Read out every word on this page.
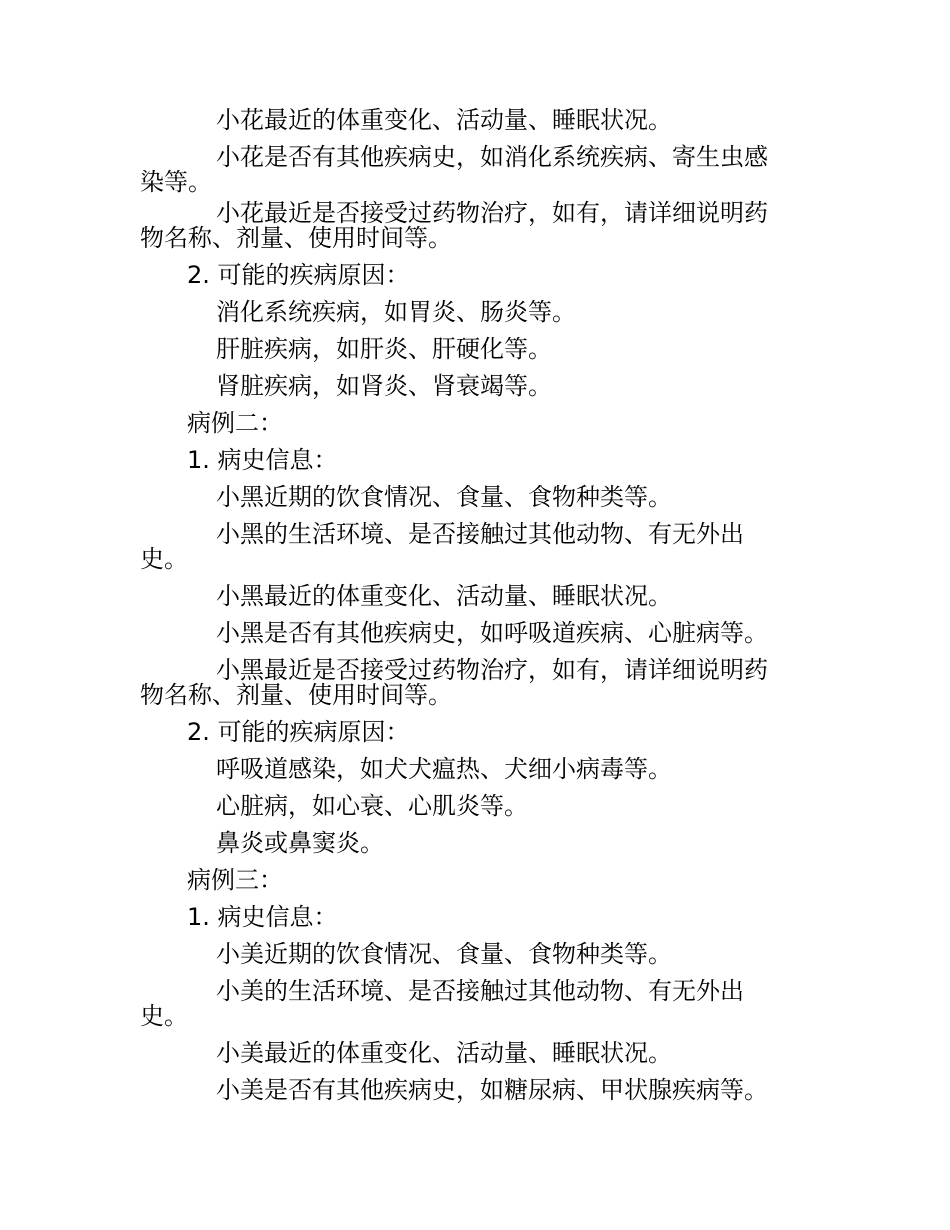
小花最近的体重变化、活动量、睡眠状况。
小花是否有其他疾病史，如消化系统疾病、寄生虫感染等。
小花最近是否接受过药物治疗，如有，请详细说明药物名称、剂量、使用时间等。
2. 可能的疾病原因：
消化系统疾病，如胃炎、肠炎等。
肝脏疾病，如肝炎、肝硬化等。
肾脏疾病，如肾炎、肾衰竭等。
病例二：
1. 病史信息：
小黑近期的饮食情况、食量、食物种类等。
小黑的生活环境、是否接触过其他动物、有无外出史。
小黑最近的体重变化、活动量、睡眠状况。
小黑是否有其他疾病史，如呼吸道疾病、心脏病等。
小黑最近是否接受过药物治疗，如有，请详细说明药物名称、剂量、使用时间等。
2. 可能的疾病原因：
呼吸道感染，如犬犬瘟热、犬细小病毒等。
心脏病，如心衰、心肌炎等。
鼻炎或鼻窦炎。
病例三：
1. 病史信息：
小美近期的饮食情况、食量、食物种类等。
小美的生活环境、是否接触过其他动物、有无外出史。
小美最近的体重变化、活动量、睡眠状况。
小美是否有其他疾病史，如糖尿病、甲状腺疾病等。
